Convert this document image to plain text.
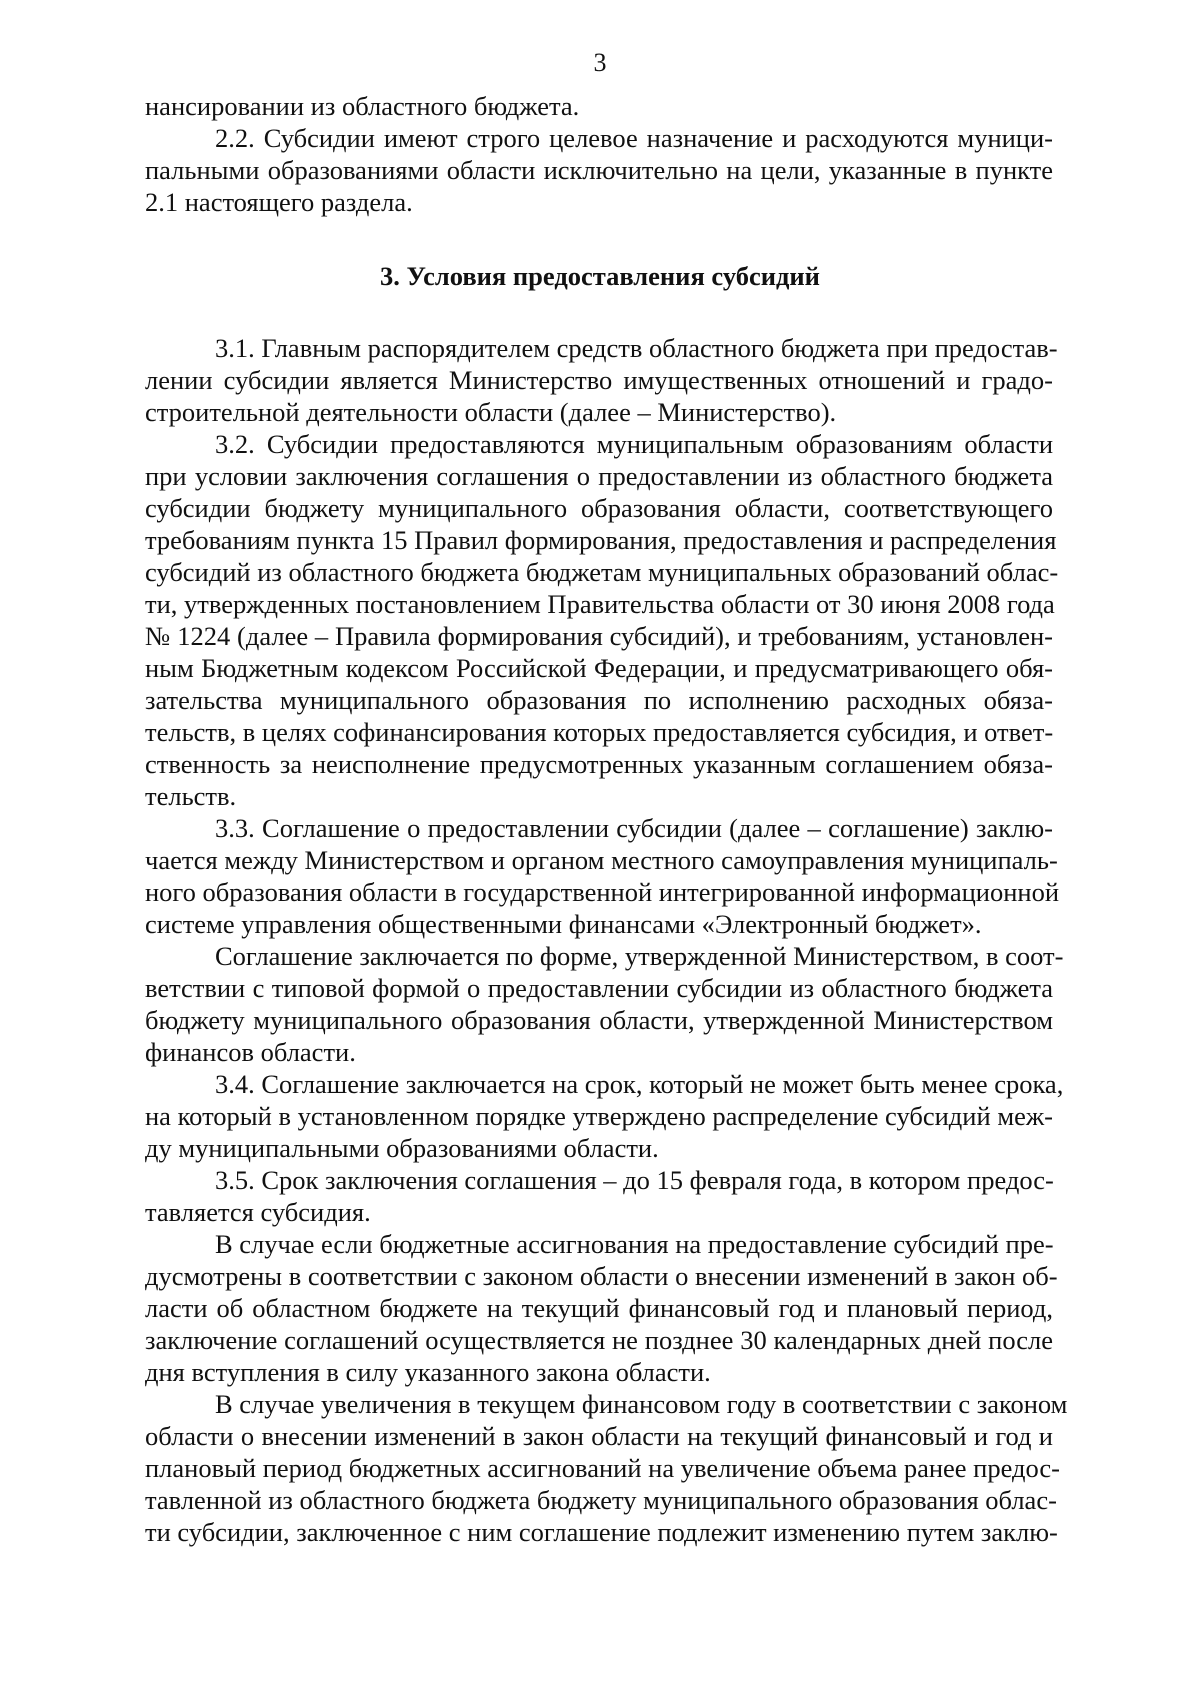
3
нансировании из областного бюджета.
2.2. Субсидии имеют строго целевое назначение и расходуются муници-
пальными образованиями области исключительно на цели, указанные в пункте
2.1 настоящего раздела.
3. Условия предоставления субсидий
3.1. Главным распорядителем средств областного бюджета при предостав-
лении субсидии является Министерство имущественных отношений и градо-
строительной деятельности области (далее – Министерство).
3.2. Субсидии предоставляются муниципальным образованиям области
при условии заключения соглашения о предоставлении из областного бюджета
субсидии бюджету муниципального образования области, соответствующего
требованиям пункта 15 Правил формирования, предоставления и распределения
субсидий из областного бюджета бюджетам муниципальных образований облас-
ти, утвержденных постановлением Правительства области от 30 июня 2008 года
№ 1224 (далее – Правила формирования субсидий), и требованиям, установлен-
ным Бюджетным кодексом Российской Федерации, и предусматривающего обя-
зательства муниципального образования по исполнению расходных обяза-
тельств, в целях софинансирования которых предоставляется субсидия, и ответ-
ственность за неисполнение предусмотренных указанным соглашением обяза-
тельств.
3.3. Соглашение о предоставлении субсидии (далее – соглашение) заклю-
чается между Министерством и органом местного самоуправления муниципаль-
ного образования области в государственной интегрированной информационной
системе управления общественными финансами «Электронный бюджет».
Соглашение заключается по форме, утвержденной Министерством, в соот-
ветствии с типовой формой о предоставлении субсидии из областного бюджета
бюджету муниципального образования области, утвержденной Министерством
финансов области.
3.4. Соглашение заключается на срок, который не может быть менее срока,
на который в установленном порядке утверждено распределение субсидий меж-
ду муниципальными образованиями области.
3.5. Срок заключения соглашения – до 15 февраля года, в котором предос-
тавляется субсидия.
В случае если бюджетные ассигнования на предоставление субсидий пре-
дусмотрены в соответствии с законом области о внесении изменений в закон об-
ласти об областном бюджете на текущий финансовый год и плановый период,
заключение соглашений осуществляется не позднее 30 календарных дней после
дня вступления в силу указанного закона области.
В случае увеличения в текущем финансовом году в соответствии с законом
области о внесении изменений в закон области на текущий финансовый и год и
плановый период бюджетных ассигнований на увеличение объема ранее предос-
тавленной из областного бюджета бюджету муниципального образования облас-
ти субсидии, заключенное с ним соглашение подлежит изменению путем заклю-
